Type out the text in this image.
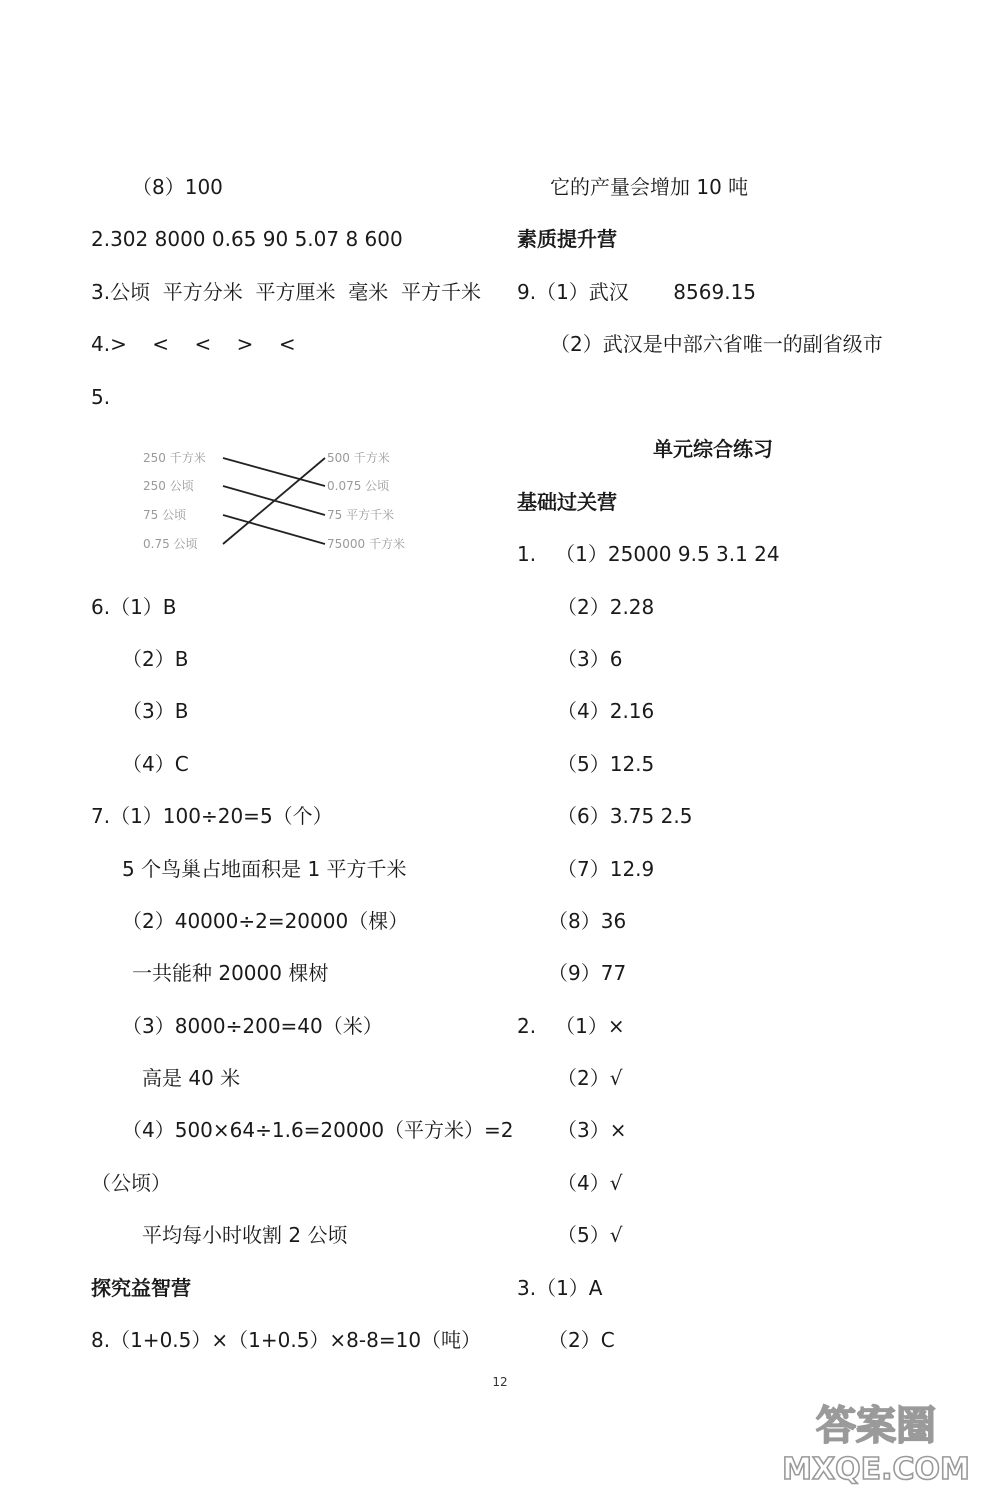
（8）100
2.302 8000 0.65 90 5.07 8 600
3.公顷  平方分米  平方厘米  毫米  平方千米
4.>    <    <    >    <
5.
250 千方米
250 公顷
75 公顷
0.75 公顷
500 千方米
0.075 公顷
75 平方千米
75000 千方米
6.（1）B
（2）B
（3）B
（4）C
7.（1）100÷20=5（个）
5 个鸟巢占地面积是 1 平方千米
（2）40000÷2=20000（棵）
一共能种 20000 棵树
（3）8000÷200=40（米）
高是 40 米
（4）500×64÷1.6=20000（平方米）=2
（公顷）
平均每小时收割 2 公顷
探究益智营
8.（1+0.5）×（1+0.5）×8-8=10（吨）
它的产量会增加 10 吨
素质提升营
9.（1）武汉       8569.15
（2）武汉是中部六省唯一的副省级市
单元综合练习
基础过关营
1.   （1）25000 9.5 3.1 24
（2）2.28
（3）6
（4）2.16
（5）12.5
（6）3.75 2.5
（7）12.9
（8）36
（9）77
2.   （1）×
（2）√
（3）×
（4）√
（5）√
3.（1）A
（2）C
12
答案圈
MXQE.COM
